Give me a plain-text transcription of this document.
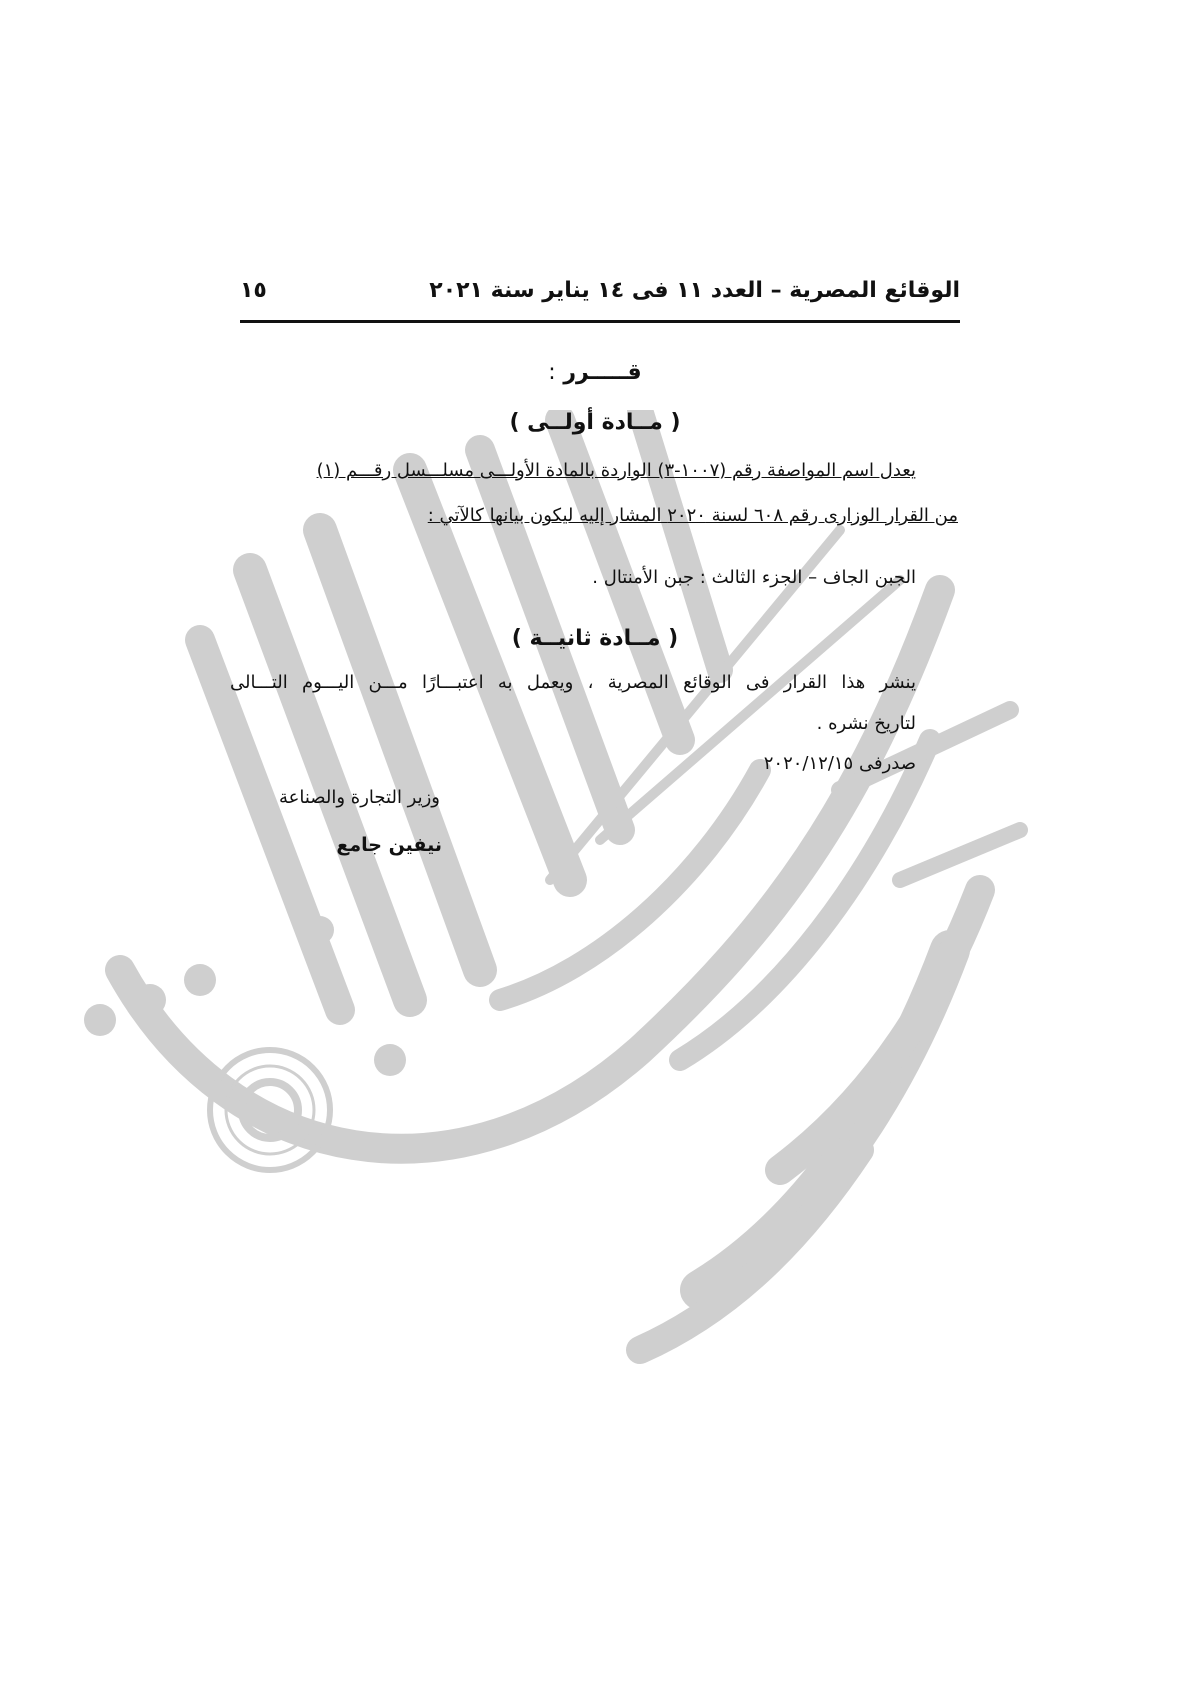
١٥	الوقائع المصرية – العدد ١١ فى ١٤ يناير سنة ٢٠٢١
قـــــرر :
( مــادة أولــى )
يعدل اسم المواصفة رقم (١٠٠٧-٣) الواردة بالمادة الأولـــى مسلـــسل رقـــم (١)
من القرار الوزارى رقم ٦٠٨ لسنة ٢٠٢٠ المشار إليه ليكون بيانها كالآتي :
الجبن الجاف – الجزء الثالث : جبن الأمنتال .
( مــادة ثانيــة )
ينشر هذا القرار فى الوقائع المصرية ، ويعمل به اعتبـــارًا مـــن اليـــوم التـــالى
لتاريخ نشره .
صدرفى ٢٠٢٠/١٢/١٥
وزير التجارة والصناعة
نيفين جامع
